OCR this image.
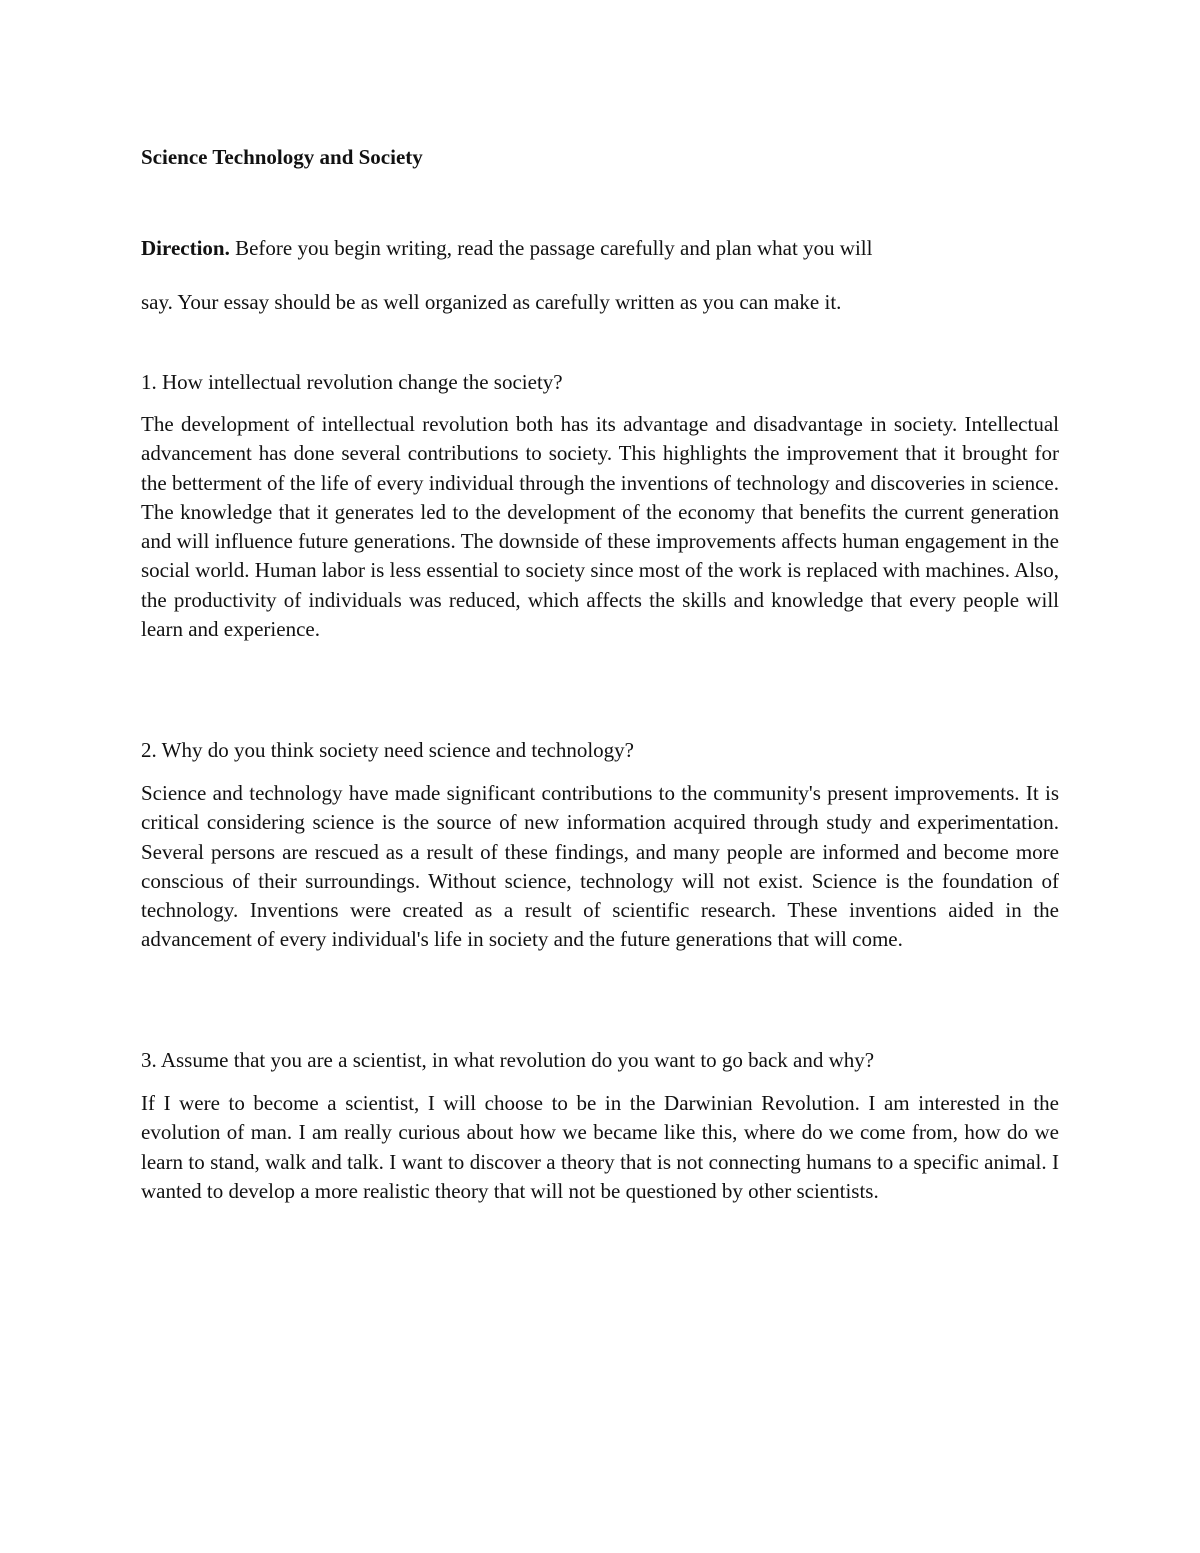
Science Technology and Society
Direction. Before you begin writing, read the passage carefully and plan what you will
say. Your essay should be as well organized as carefully written as you can make it.
1. How intellectual revolution change the society?

The development of intellectual revolution both has its advantage and disadvantage in society. Intellectual advancement has done several contributions to society. This highlights the improvement that it brought for the betterment of the life of every individual through the inventions of technology and discoveries in science. The knowledge that it generates led to the development of the economy that benefits the current generation and will influence future generations. The downside of these improvements affects human engagement in the social world. Human labor is less essential to society since most of the work is replaced with machines. Also, the productivity of individuals was reduced, which affects the skills and knowledge that every people will learn and experience.

2. Why do you think society need science and technology?

Science and technology have made significant contributions to the community's present improvements. It is critical considering science is the source of new information acquired through study and experimentation. Several persons are rescued as a result of these findings, and many people are informed and become more conscious of their surroundings. Without science, technology will not exist. Science is the foundation of technology. Inventions were created as a result of scientific research. These inventions aided in the advancement of every individual's life in society and the future generations that will come.

3. Assume that you are a scientist, in what revolution do you want to go back and why?

If I were to become a scientist, I will choose to be in the Darwinian Revolution. I am interested in the evolution of man. I am really curious about how we became like this, where do we come from, how do we learn to stand, walk and talk. I want to discover a theory that is not connecting humans to a specific animal. I wanted to develop a more realistic theory that will not be questioned by other scientists.
